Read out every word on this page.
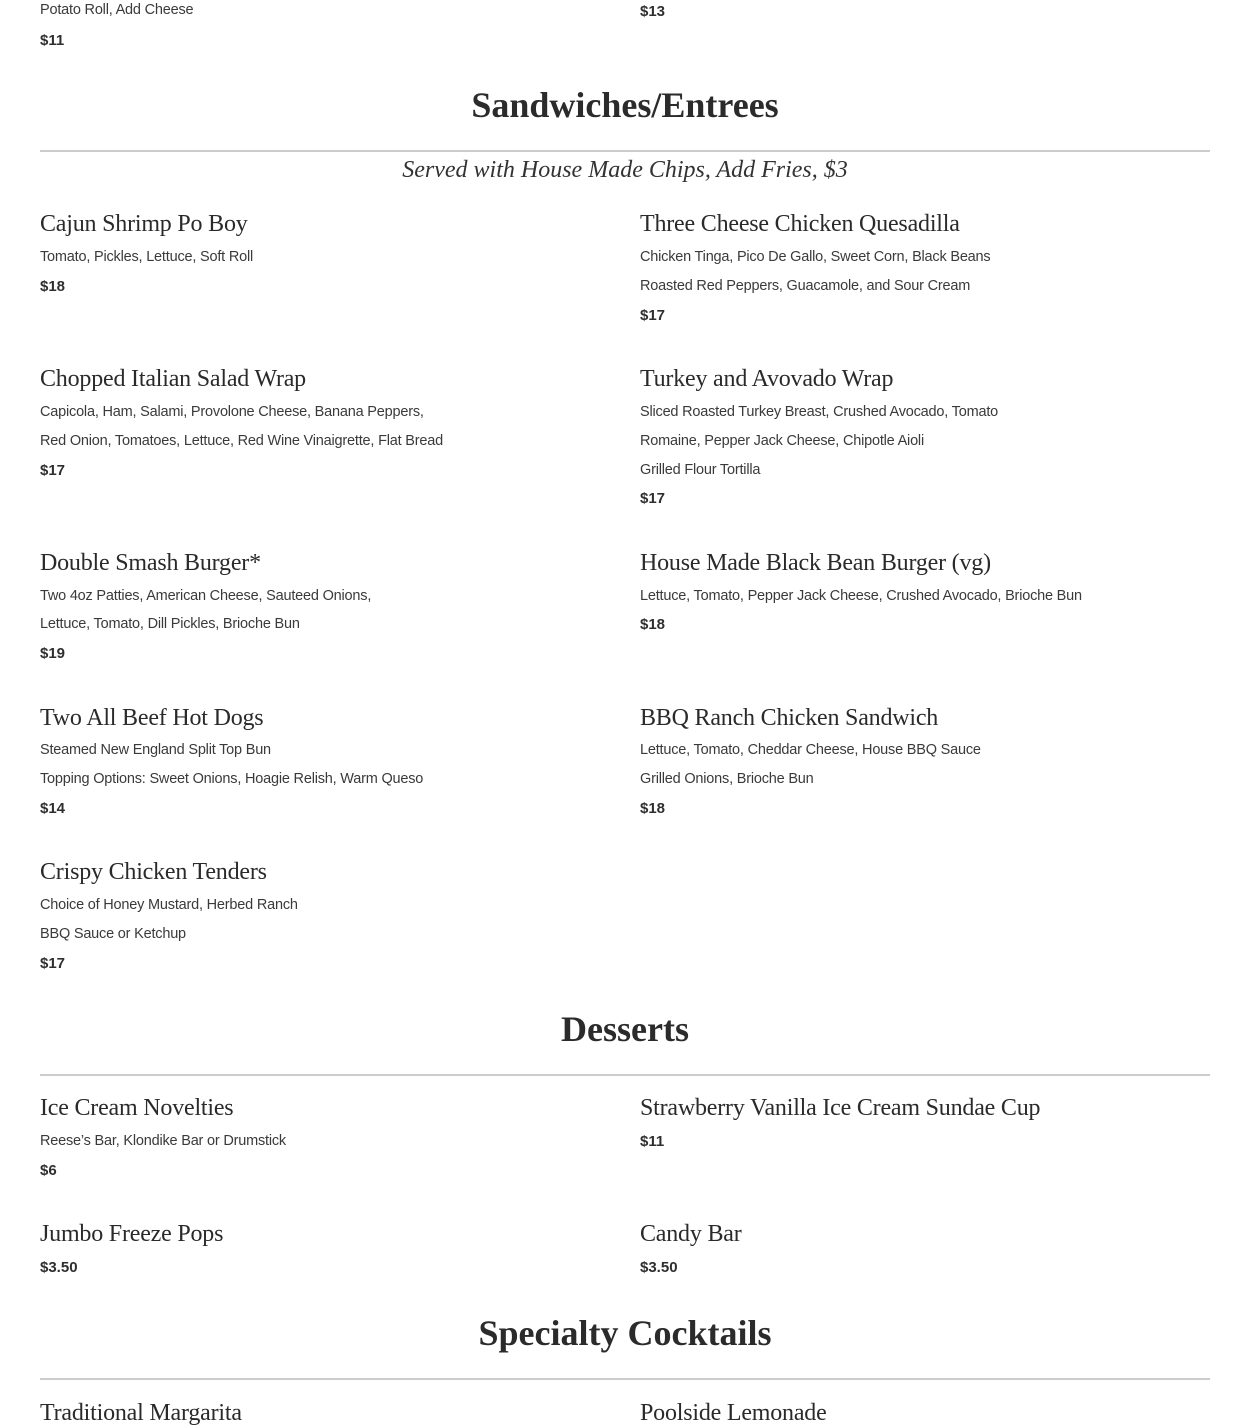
Potato Roll, Add Cheese
$11
$13
Sandwiches/Entrees
Served with House Made Chips, Add Fries, $3
Cajun Shrimp Po Boy
Tomato, Pickles, Lettuce, Soft Roll
$18
Three Cheese Chicken Quesadilla
Chicken Tinga, Pico De Gallo, Sweet Corn, Black Beans
Roasted Red Peppers, Guacamole, and Sour Cream
$17
Chopped Italian Salad Wrap
Capicola, Ham, Salami, Provolone Cheese, Banana Peppers,
Red Onion, Tomatoes, Lettuce, Red Wine Vinaigrette, Flat Bread
$17
Turkey and Avovado Wrap
Sliced Roasted Turkey Breast, Crushed Avocado, Tomato
Romaine, Pepper Jack Cheese, Chipotle Aioli
Grilled Flour Tortilla
$17
Double Smash Burger*
Two 4oz Patties, American Cheese, Sauteed Onions,
Lettuce, Tomato, Dill Pickles, Brioche Bun
$19
House Made Black Bean Burger (vg)
Lettuce, Tomato, Pepper Jack Cheese, Crushed Avocado, Brioche Bun
$18
Two All Beef Hot Dogs
Steamed New England Split Top Bun
Topping Options: Sweet Onions, Hoagie Relish, Warm Queso
$14
BBQ Ranch Chicken Sandwich
Lettuce, Tomato, Cheddar Cheese, House BBQ Sauce
Grilled Onions, Brioche Bun
$18
Crispy Chicken Tenders
Choice of Honey Mustard, Herbed Ranch
BBQ Sauce or Ketchup
$17
Desserts
Ice Cream Novelties
Reese’s Bar, Klondike Bar or Drumstick
$6
Strawberry Vanilla Ice Cream Sundae Cup
$11
Jumbo Freeze Pops
$3.50
Candy Bar
$3.50
Specialty Cocktails
Traditional Margarita	Poolside Lemonade
